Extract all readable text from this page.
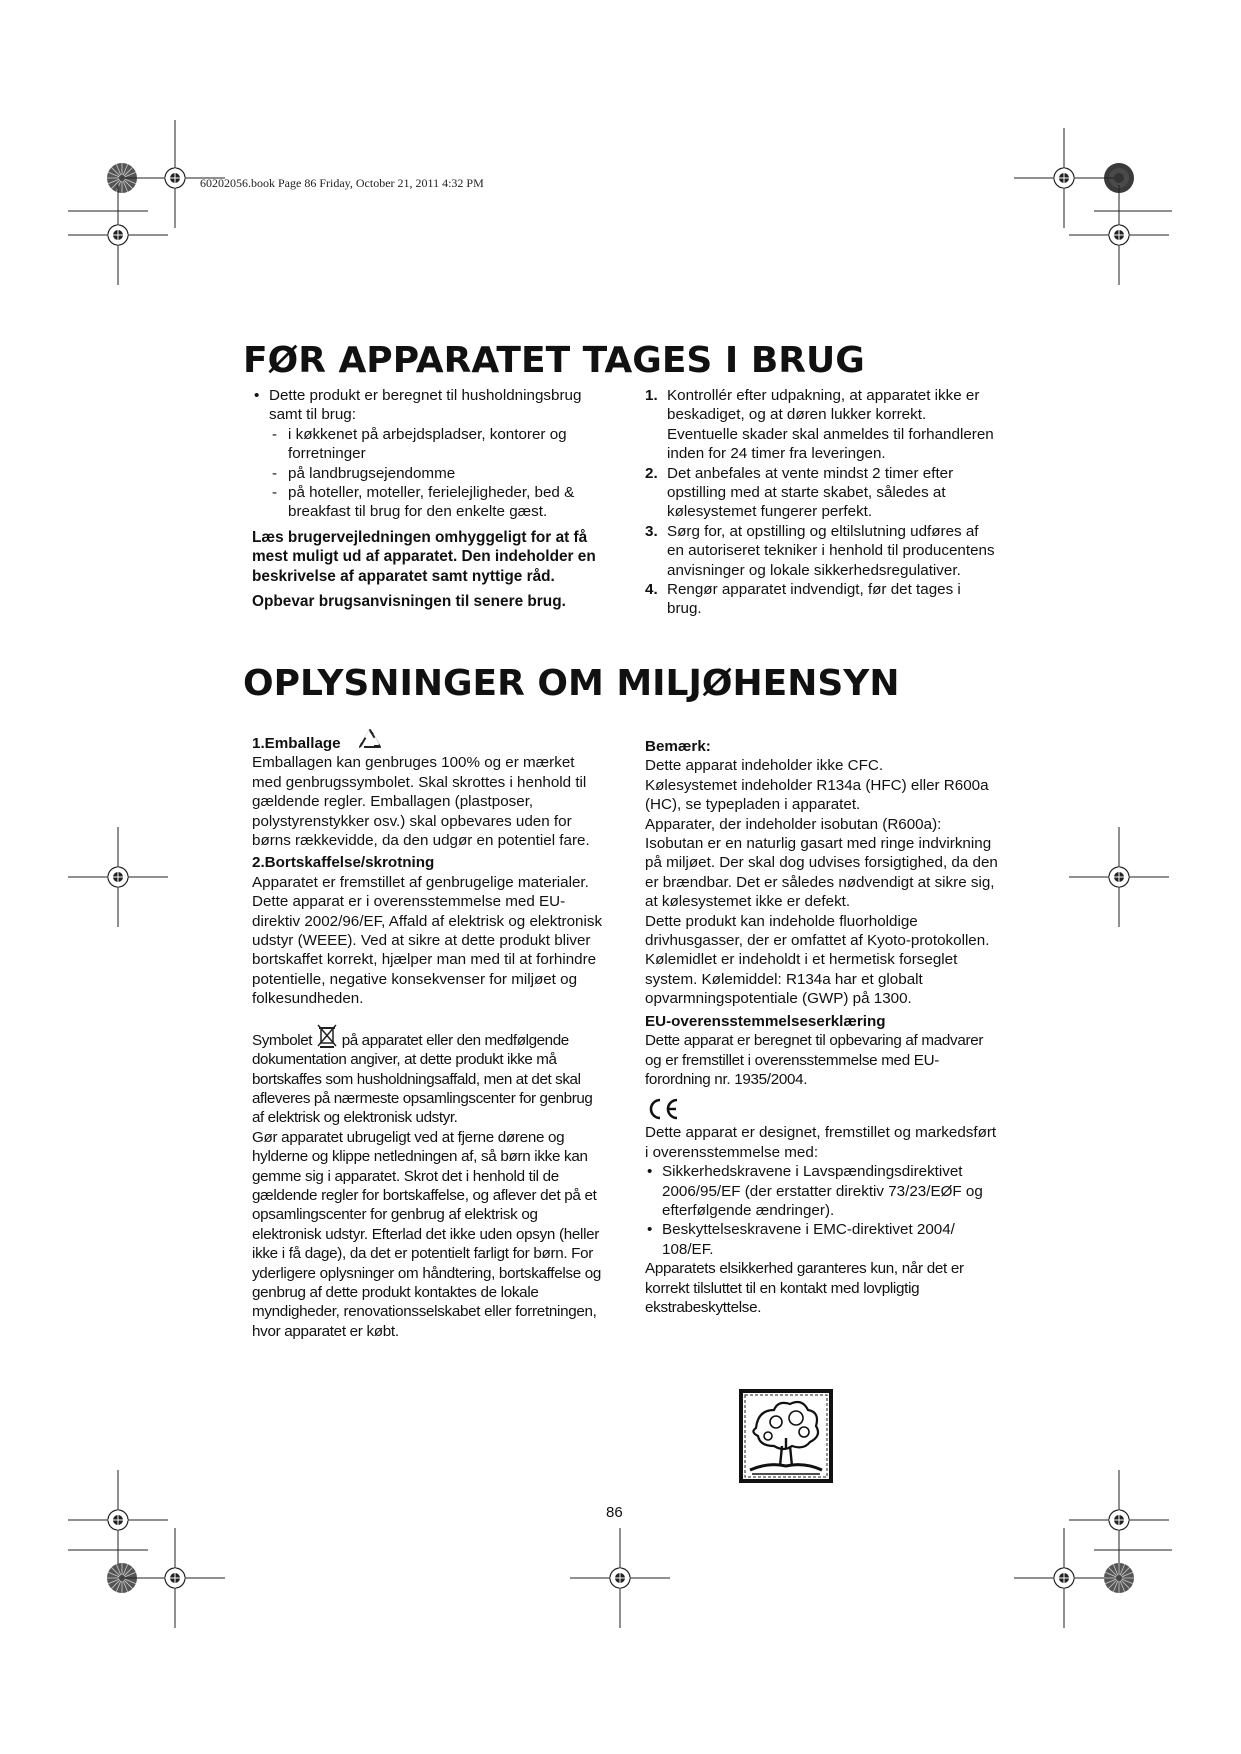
60202056.book Page 86 Friday, October 21, 2011 4:32 PM
FØR APPARATET TAGES I BRUG

• Dette produkt er beregnet til husholdningsbrug samt til brug:

- i køkkenet på arbejdspladser, kontorer og forretninger

- på landbrugsejendomme

- på hoteller, moteller, ferielejligheder, bed & breakfast til brug for den enkelte gæst.

Læs brugervejledningen omhyggeligt for at få mest muligt ud af apparatet. Den indeholder en beskrivelse af apparatet samt nyttige råd.

Opbevar brugsanvisningen til senere brug.

1. Kontrollér efter udpakning, at apparatet ikke er beskadiget, og at døren lukker korrekt. Eventuelle skader skal anmeldes til forhandleren inden for 24 timer fra leveringen.

2. Det anbefales at vente mindst 2 timer efter opstilling med at starte skabet, således at kølesystemet fungerer perfekt.

3. Sørg for, at opstilling og eltilslutning udføres af en autoriseret tekniker i henhold til producentens anvisninger og lokale sikkerhedsregulativer.

4. Rengør apparatet indvendigt, før det tages i brug.

OPLYSNINGER OM MILJØHENSYN

1.Emballage

Emballagen kan genbruges 100% og er mærket med genbrugssymbolet. Skal skrottes i henhold til gældende regler. Emballagen (plastposer, polystyrenstykker osv.) skal opbevares uden for børns rækkevidde, da den udgør en potentiel fare.

2.Bortskaffelse/skrotning

Apparatet er fremstillet af genbrugelige materialer.

Dette apparat er i overensstemmelse med EU-direktiv 2002/96/EF, Affald af elektrisk og elektronisk udstyr (WEEE). Ved at sikre at dette produkt bliver bortskaffet korrekt, hjælper man med til at forhindre potentielle, negative konsekvenser for miljøet og folkesundheden.

Symbolet på apparatet eller den medfølgende dokumentation angiver, at dette produkt ikke må bortskaffes som husholdningsaffald, men at det skal afleveres på nærmeste opsamlingscenter for genbrug af elektrisk og elektronisk udstyr.

Gør apparatet ubrugeligt ved at fjerne dørene og hylderne og klippe netledningen af, så børn ikke kan gemme sig i apparatet. Skrot det i henhold til de gældende regler for bortskaffelse, og aflever det på et opsamlingscenter for genbrug af elektrisk og elektronisk udstyr. Efterlad det ikke uden opsyn (heller ikke i få dage), da det er potentielt farligt for børn. For yderligere oplysninger om håndtering, bortskaffelse og genbrug af dette produkt kontaktes de lokale myndigheder, renovationsselskabet eller forretningen, hvor apparatet er købt.

Bemærk:

Dette apparat indeholder ikke CFC.

Kølesystemet indeholder R134a (HFC) eller R600a (HC), se typepladen i apparatet.

Apparater, der indeholder isobutan (R600a): Isobutan er en naturlig gasart med ringe indvirkning på miljøet. Der skal dog udvises forsigtighed, da den er brændbar. Det er således nødvendigt at sikre sig, at kølesystemet ikke er defekt.

Dette produkt kan indeholde fluorholdige drivhusgasser, der er omfattet af Kyoto-protokollen. Kølemidlet er indeholdt i et hermetisk forseglet system. Kølemiddel: R134a har et globalt opvarmningspotentiale (GWP) på 1300.

EU-overensstemmelseserklæring

Dette apparat er beregnet til opbevaring af madvarer og er fremstillet i overensstemmelse med EU-forordning nr. 1935/2004.

Dette apparat er designet, fremstillet og markedsført i overensstemmelse med:

• Sikkerhedskravene i Lavspændingsdirektivet 2006/95/EF (der erstatter direktiv 73/23/EØF og efterfølgende ændringer).

• Beskyttelseskravene i EMC-direktivet 2004/ 108/EF.

Apparatets elsikkerhed garanteres kun, når det er korrekt tilsluttet til en kontakt med lovpligtig ekstrabeskyttelse.

86
